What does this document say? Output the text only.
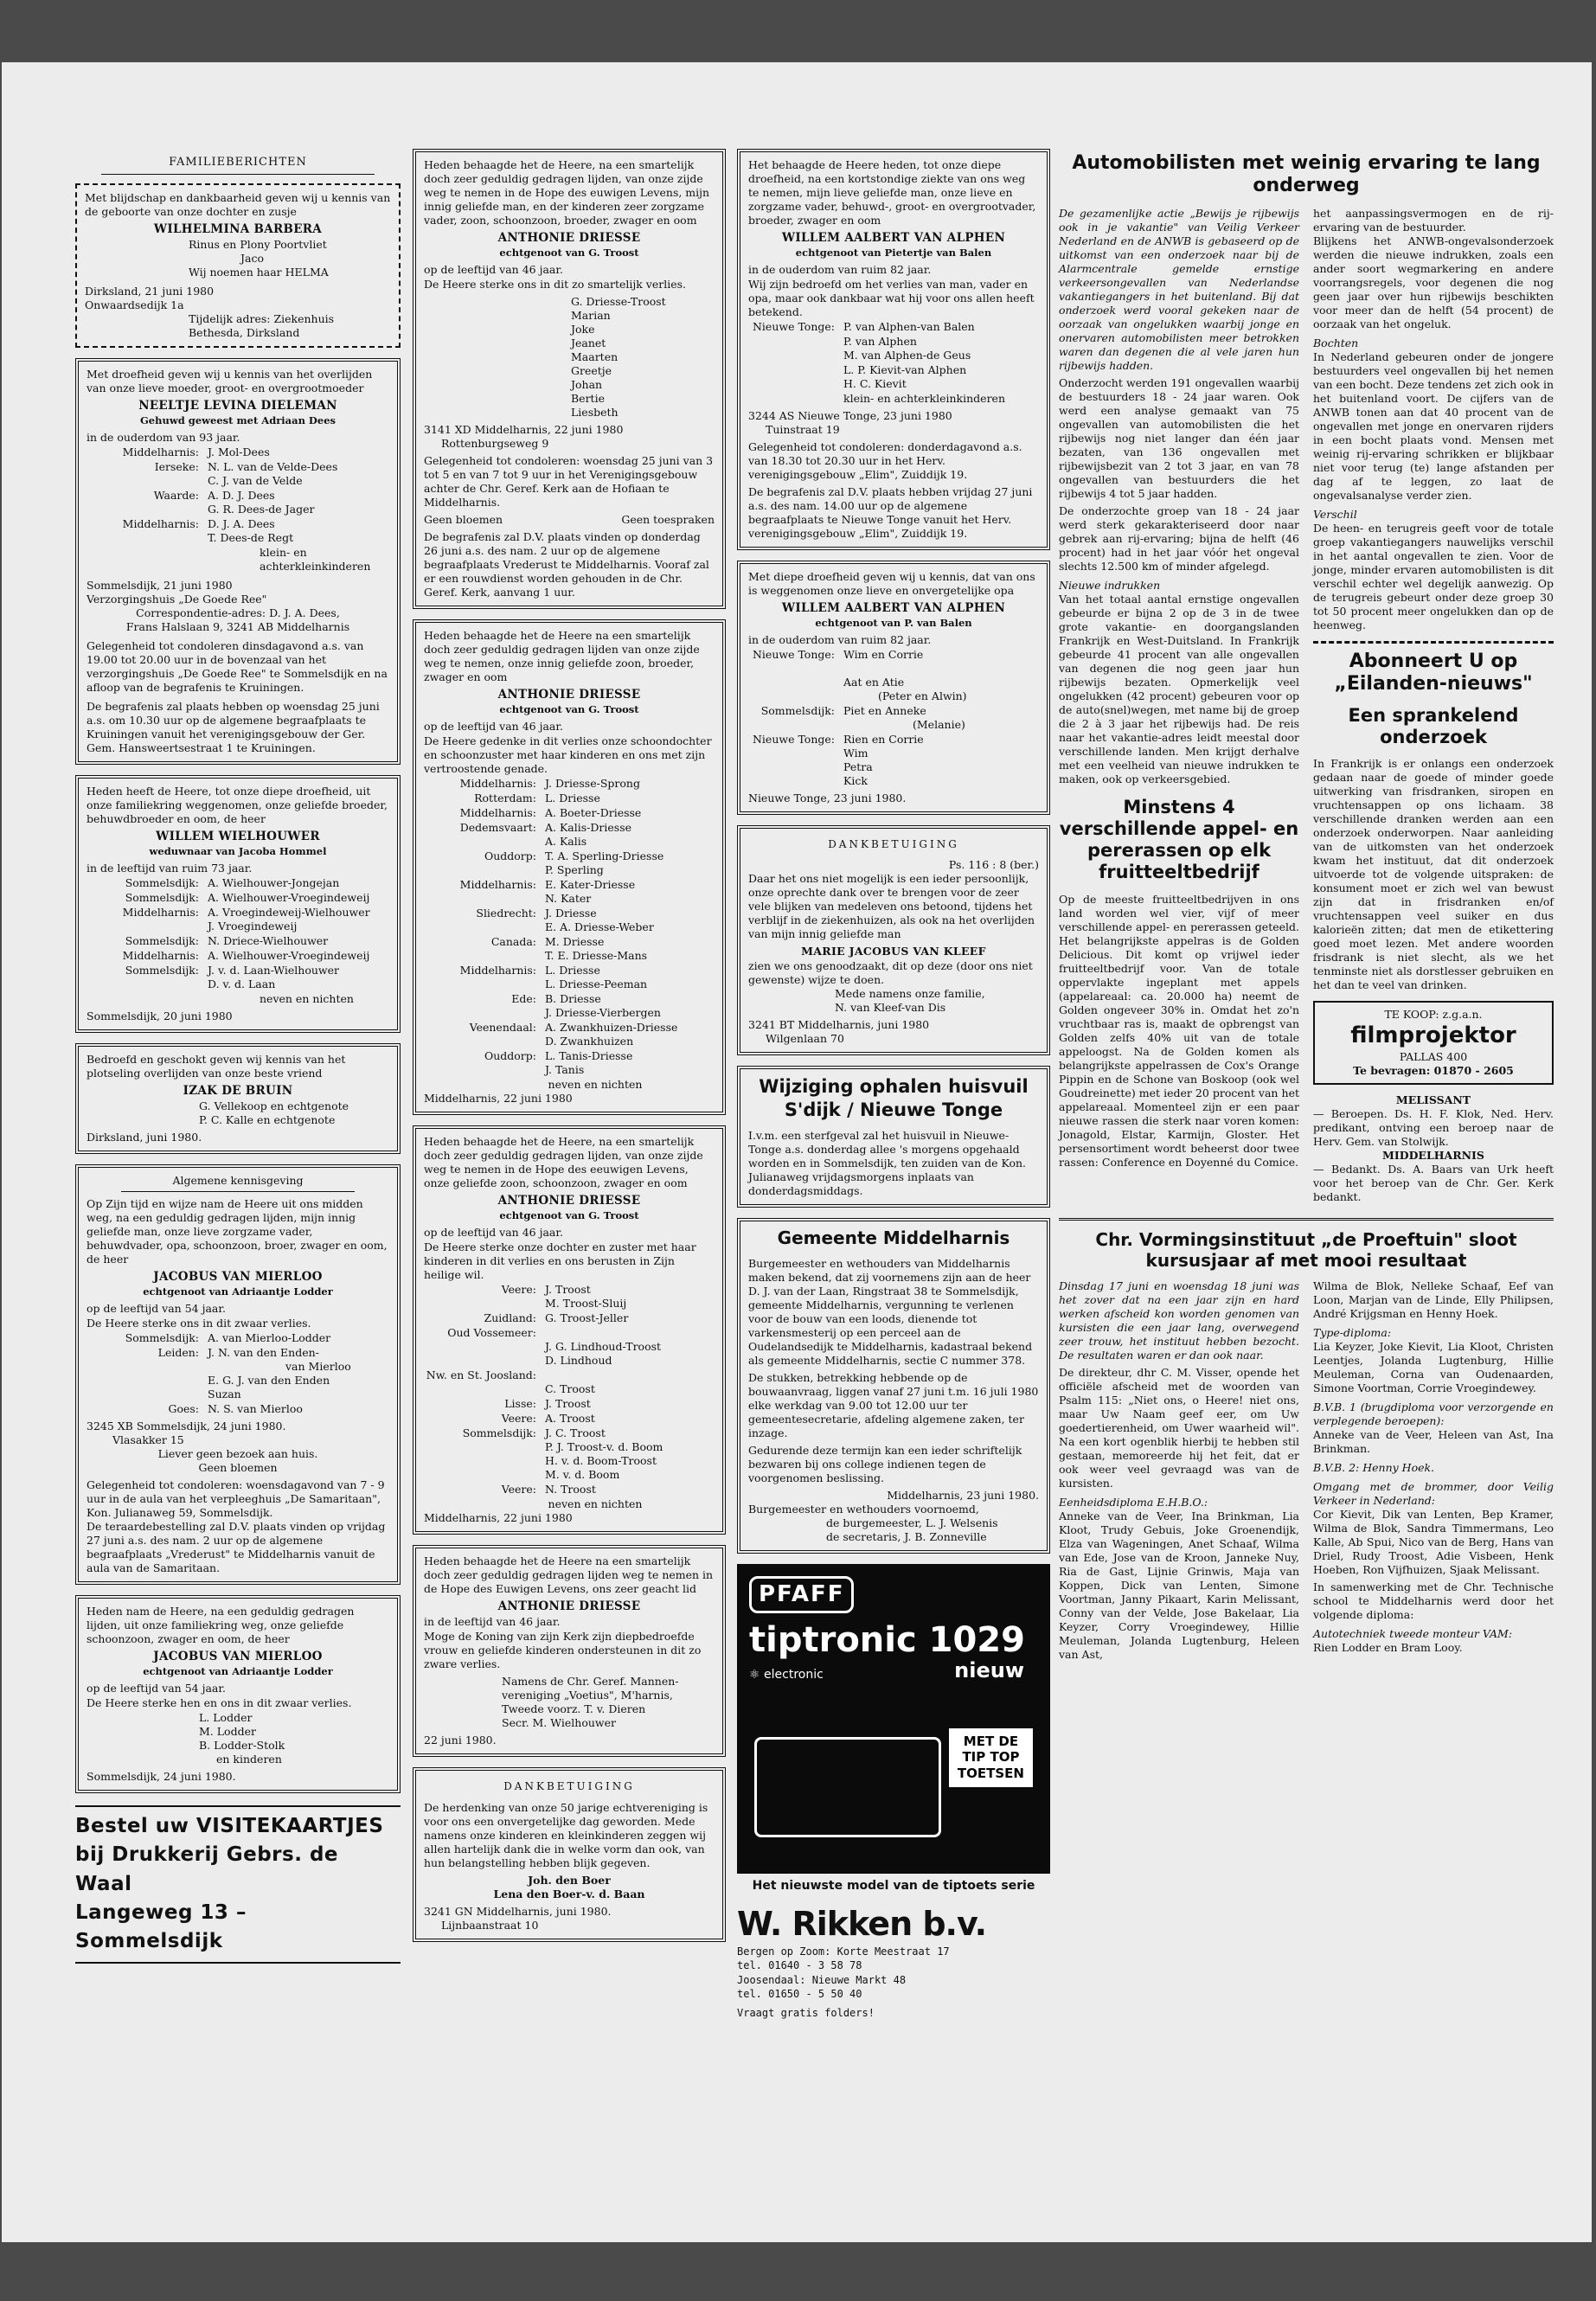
FAMILIEBERICHTEN
Met blijdschap en dankbaarheid geven wij u kennis van de geboorte van onze dochter en zusje
WILHELMINA BARBERA
Rinus en Plony Poortvliet
Jaco
Wij noemen haar HELMA
Dirksland, 21 juni 1980
Onwaardsedijk 1a
Tijdelijk adres: Ziekenhuis
Bethesda, Dirksland
Met droefheid geven wij u kennis van het overlijden van onze lieve moeder, groot- en overgrootmoeder
NEELTJE LEVINA DIELEMAN
Gehuwd geweest met Adriaan Dees
in de ouderdom van 93 jaar.
Middelharnis: J. Mol-Dees
Ierseke: N. L. van de Velde-Dees
C. J. van de Velde
Waarde: A. D. J. Dees
G. R. Dees-de Jager
Middelharnis: D. J. A. Dees
T. Dees-de Regt
klein- en achterkleinkinderen
Sommelsdijk, 21 juni 1980
Verzorgingshuis „De Goede Ree"
Correspondentie-adres: D. J. A. Dees,
Frans Halslaan 9, 3241 AB Middelharnis
Gelegenheid tot condoleren dinsdagavond a.s. van 19.00 tot 20.00 uur in de bovenzaal van het verzorgingshuis „De Goede Ree" te Sommelsdijk en na afloop van de begrafenis te Kruiningen.
De begrafenis zal plaats hebben op woensdag 25 juni a.s. om 10.30 uur op de algemene begraafplaats te Kruiningen vanuit het verenigingsgebouw der Ger. Gem. Hansweertsestraat 1 te Kruiningen.
Heden heeft de Heere, tot onze diepe droefheid, uit onze familiekring weggenomen, onze geliefde broeder, behuwdbroeder en oom, de heer
WILLEM WIELHOUWER
weduwnaar van Jacoba Hommel
in de leeftijd van ruim 73 jaar.
Sommelsdijk: A. Wielhouwer-Jongejan
Sommelsdijk: A. Wielhouwer-Vroegindeweij
Middelharnis: A. Vroegindeweij-Wielhouwer
J. Vroegindeweij
Sommelsdijk: N. Driece-Wielhouwer
Middelharnis: A. Wielhouwer-Vroegindeweij
Sommelsdijk: J. v. d. Laan-Wielhouwer
D. v. d. Laan
neven en nichten
Sommelsdijk, 20 juni 1980
Bedroefd en geschokt geven wij kennis van het plotseling overlijden van onze beste vriend
IZAK DE BRUIN
G. Vellekoop en echtgenote
P. C. Kalle en echtgenote
Dirksland, juni 1980.
Algemene kennisgeving
Op Zijn tijd en wijze nam de Heere uit ons midden weg, na een geduldig gedragen lijden, mijn innig geliefde man, onze lieve zorgzame vader, behuwdvader, opa, schoonzoon, broer, zwager en oom, de heer
JACOBUS VAN MIERLOO
echtgenoot van Adriaantje Lodder
op de leeftijd van 54 jaar.
De Heere sterke ons in dit zwaar verlies.
Sommelsdijk: A. van Mierloo-Lodder
Leiden: J. N. van den Enden-
van Mierloo
E. G. J. van den Enden
Suzan
Goes: N. S. van Mierloo
3245 XB Sommelsdijk, 24 juni 1980.
Vlasakker 15
Liever geen bezoek aan huis.
Geen bloemen
Gelegenheid tot condoleren: woensdagavond van 7 - 9 uur in de aula van het verpleeghuis „De Samaritaan", Kon. Julianaweg 59, Sommelsdijk.
De teraardebestelling zal D.V. plaats vinden op vrijdag 27 juni a.s. des nam. 2 uur op de algemene begraafplaats „Vrederust" te Middelharnis vanuit de aula van de Samaritaan.
Heden nam de Heere, na een geduldig gedragen lijden, uit onze familiekring weg, onze geliefde schoonzoon, zwager en oom, de heer
JACOBUS VAN MIERLOO
echtgenoot van Adriaantje Lodder
op de leeftijd van 54 jaar.
De Heere sterke hen en ons in dit zwaar verlies.
L. Lodder
M. Lodder
B. Lodder-Stolk
en kinderen
Sommelsdijk, 24 juni 1980.
Bestel uw VISITEKAARTJES
bij Drukkerij Gebrs. de Waal
Langeweg 13 – Sommelsdijk
Heden behaagde het de Heere, na een smartelijk doch zeer geduldig gedragen lijden, van onze zijde weg te nemen in de Hope des euwigen Levens, mijn innig geliefde man, en der kinderen zeer zorgzame vader, zoon, schoonzoon, broeder, zwager en oom
ANTHONIE DRIESSE
echtgenoot van G. Troost
op de leeftijd van 46 jaar.
De Heere sterke ons in dit zo smartelijk verlies.
G. Driesse-Troost
Marian
Joke
Jeanet
Maarten
Greetje
Johan
Bertie
Liesbeth
3141 XD Middelharnis, 22 juni 1980
Rottenburgseweg 9
Gelegenheid tot condoleren: woensdag 25 juni van 3 tot 5 en van 7 tot 9 uur in het Verenigingsgebouw achter de Chr. Geref. Kerk aan de Hofiaan te Middelharnis.
Geen bloemen	Geen toespraken
De begrafenis zal D.V. plaats vinden op donderdag 26 juni a.s. des nam. 2 uur op de algemene begraafplaats Vrederust te Middelharnis. Vooraf zal er een rouwdienst worden gehouden in de Chr. Geref. Kerk, aanvang 1 uur.
Heden behaagde het de Heere na een smartelijk doch zeer geduldig gedragen lijden van onze zijde weg te nemen, onze innig geliefde zoon, broeder, zwager en oom
ANTHONIE DRIESSE
echtgenoot van G. Troost
op de leeftijd van 46 jaar.
De Heere gedenke in dit verlies onze schoondochter en schoonzuster met haar kinderen en ons met zijn vertroostende genade.
Middelharnis: J. Driesse-Sprong
Rotterdam: L. Driesse
Middelharnis: A. Boeter-Driesse
Dedemsvaart: A. Kalis-Driesse
A. Kalis
Ouddorp: T. A. Sperling-Driesse
P. Sperling
Middelharnis: E. Kater-Driesse
N. Kater
Sliedrecht: J. Driesse
E. A. Driesse-Weber
Canada: M. Driesse
T. E. Driesse-Mans
Middelharnis: L. Driesse
L. Driesse-Peeman
Ede: B. Driesse
J. Driesse-Vierbergen
Veenendaal: A. Zwankhuizen-Driesse
D. Zwankhuizen
Ouddorp: L. Tanis-Driesse
J. Tanis
neven en nichten
Middelharnis, 22 juni 1980
Heden behaagde het de Heere, na een smartelijk doch zeer geduldig gedragen lijden, van onze zijde weg te nemen in de Hope des eeuwigen Levens, onze geliefde zoon, schoonzoon, zwager en oom
ANTHONIE DRIESSE
echtgenoot van G. Troost
op de leeftijd van 46 jaar.
De Heere sterke onze dochter en zuster met haar kinderen in dit verlies en ons berusten in Zijn heilige wil.
Veere: J. Troost
M. Troost-Sluij
Zuidland: G. Troost-Jeller
Oud Vossemeer:

J. G. Lindhoud-Troost
D. Lindhoud
Nw. en St. Joosland:

C. Troost
Lisse: J. Troost
Veere: A. Troost
Sommelsdijk: J. C. Troost
P. J. Troost-v. d. Boom
H. v. d. Boom-Troost
M. v. d. Boom
Veere: N. Troost
neven en nichten
Middelharnis, 22 juni 1980
Heden behaagde het de Heere na een smartelijk doch zeer geduldig gedragen lijden weg te nemen in de Hope des Euwigen Levens, ons zeer geacht lid
ANTHONIE DRIESSE
in de leeftijd van 46 jaar.
Moge de Koning van zijn Kerk zijn diepbedroefde vrouw en geliefde kinderen ondersteunen in dit zo zware verlies.
Namens de Chr. Geref. Mannen-
vereniging „Voetius", M'harnis,
Tweede voorz. T. v. Dieren
Secr. M. Wielhouwer
22 juni 1980.
DANKBETUIGING
De herdenking van onze 50 jarige echtvereniging is voor ons een onvergetelijke dag geworden. Mede namens onze kinderen en kleinkinderen zeggen wij allen hartelijk dank die in welke vorm dan ook, van hun belangstelling hebben blijk gegeven.
Joh. den Boer
Lena den Boer-v. d. Baan
3241 GN Middelharnis, juni 1980.
Lijnbaanstraat 10
Het behaagde de Heere heden, tot onze diepe droefheid, na een kortstondige ziekte van ons weg te nemen, mijn lieve geliefde man, onze lieve en zorgzame vader, behuwd-, groot- en overgrootvader, broeder, zwager en oom
WILLEM AALBERT VAN ALPHEN
echtgenoot van Pietertje van Balen
in de ouderdom van ruim 82 jaar.
Wij zijn bedroefd om het verlies van man, vader en opa, maar ook dankbaar wat hij voor ons allen heeft betekend.
Nieuwe Tonge: P. van Alphen-van Balen
P. van Alphen
M. van Alphen-de Geus
L. P. Kievit-van Alphen
H. C. Kievit
klein- en achterkleinkinderen
3244 AS Nieuwe Tonge, 23 juni 1980
Tuinstraat 19
Gelegenheid tot condoleren: donderdagavond a.s. van 18.30 tot 20.30 uur in het Herv. verenigingsgebouw „Elim", Zuiddijk 19.
De begrafenis zal D.V. plaats hebben vrijdag 27 juni a.s. des nam. 14.00 uur op de algemene begraafplaats te Nieuwe Tonge vanuit het Herv. verenigingsgebouw „Elim", Zuiddijk 19.
Met diepe droefheid geven wij u kennis, dat van ons is weggenomen onze lieve en onvergetelijke opa
WILLEM AALBERT VAN ALPHEN
echtgenoot van P. van Balen
in de ouderdom van ruim 82 jaar.
Nieuwe Tonge: Wim en Corrie

Aat en Atie
(Peter en Alwin)
Sommelsdijk: Piet en Anneke
(Melanie)
Nieuwe Tonge: Rien en Corrie
Wim
Petra
Kick
Nieuwe Tonge, 23 juni 1980.
DANKBETUIGING
Ps. 116 : 8 (ber.)
Daar het ons niet mogelijk is een ieder persoonlijk, onze oprechte dank over te brengen voor de zeer vele blijken van medeleven ons betoond, tijdens het verblijf in de ziekenhuizen, als ook na het overlijden van mijn innig geliefde man
MARIE JACOBUS VAN KLEEF
zien we ons genoodzaakt, dit op deze (door ons niet gewenste) wijze te doen.
Mede namens onze familie,
N. van Kleef-van Dis
3241 BT Middelharnis, juni 1980
Wilgenlaan 70
Wijziging ophalen huisvuil
S'dijk / Nieuwe Tonge
I.v.m. een sterfgeval zal het huisvuil in Nieuwe-Tonge a.s. donderdag allee 's morgens opgehaald worden en in Sommelsdijk, ten zuiden van de Kon. Julianaweg vrijdagsmorgens inplaats van donderdagsmiddags.
Gemeente Middelharnis
Burgemeester en wethouders van Middelharnis maken bekend, dat zij voornemens zijn aan de heer D. J. van der Laan, Ringstraat 38 te Sommelsdijk, gemeente Middelharnis, vergunning te verlenen voor de bouw van een loods, dienende tot varkensmesterij op een perceel aan de Oudelandsedijk te Middelharnis, kadastraal bekend als gemeente Middelharnis, sectie C nummer 378.
De stukken, betrekking hebbende op de bouwaanvraag, liggen vanaf 27 juni t.m. 16 juli 1980 elke werkdag van 9.00 tot 12.00 uur ter gemeentesecretarie, afdeling algemene zaken, ter inzage.
Gedurende deze termijn kan een ieder schriftelijk bezwaren bij ons college indienen tegen de voorgenomen beslissing.
Middelharnis, 23 juni 1980.
Burgemeester en wethouders voornoemd,
de burgemeester, L. J. Welsenis
de secretaris, J. B. Zonneville
PFAFF
tiptronic 1029
nieuw
⚛ electronic
MET DE
TIP TOP
TOETSEN
Het nieuwste model van de tiptoets serie
W. Rikken b.v.
Bergen op Zoom: Korte Meestraat 17
tel. 01640 - 3 58 78
Joosendaal: Nieuwe Markt 48
tel. 01650 - 5 50 40
Vraagt gratis folders!
Automobilisten met weinig ervaring te lang onderweg
De gezamenlijke actie „Bewijs je rijbewijs ook in je vakantie" van Veilig Verkeer Nederland en de ANWB is gebaseerd op de uitkomst van een onderzoek naar bij de Alarmcentrale gemelde ernstige verkeersongevallen van Nederlandse vakantiegangers in het buitenland. Bij dat onderzoek werd vooral gekeken naar de oorzaak van ongelukken waarbij jonge en onervaren automobilisten meer betrokken waren dan degenen die al vele jaren hun rijbewijs hadden.
Onderzocht werden 191 ongevallen waarbij de bestuurders 18 - 24 jaar waren. Ook werd een analyse gemaakt van 75 ongevallen van automobilisten die het rijbewijs nog niet langer dan één jaar bezaten, van 136 ongevallen met rijbewijsbezit van 2 tot 3 jaar, en van 78 ongevallen van bestuurders die het rijbewijs 4 tot 5 jaar hadden.
De onderzochte groep van 18 - 24 jaar werd sterk gekarakteriseerd door naar gebrek aan rij-ervaring; bijna de helft (46 procent) had in het jaar vóór het ongeval slechts 12.500 km of minder afgelegd.
Nieuwe indrukken
Van het totaal aantal ernstige ongevallen gebeurde er bijna 2 op de 3 in de twee grote vakantie- en doorgangslanden Frankrijk en West-Duitsland. In Frankrijk gebeurde 41 procent van alle ongevallen van degenen die nog geen jaar hun rijbewijs bezaten. Opmerkelijk veel ongelukken (42 procent) gebeuren voor op de auto(snel)wegen, met name bij de groep die 2 à 3 jaar het rijbewijs had. De reis naar het vakantie-adres leidt meestal door verschillende landen. Men krijgt derhalve met een veelheid van nieuwe indrukken te maken, ook op verkeersgebied.
Minstens 4 verschillende appel- en pererassen op elk fruitteeltbedrijf
Op de meeste fruitteeltbedrijven in ons land worden wel vier, vijf of meer verschillende appel- en pererassen geteeld. Het belangrijkste appelras is de Golden Delicious. Dit komt op vrijwel ieder fruitteeltbedrijf voor. Van de totale oppervlakte ingeplant met appels (appelareaal: ca. 20.000 ha) neemt de Golden ongeveer 30% in. Omdat het zo'n vruchtbaar ras is, maakt de opbrengst van Golden zelfs 40% uit van de totale appeloogst. Na de Golden komen als belangrijkste appelrassen de Cox's Orange Pippin en de Schone van Boskoop (ook wel Goudreinette) met ieder 20 procent van het appelareaal. Momenteel zijn er een paar nieuwe rassen die sterk naar voren komen: Jonagold, Elstar, Karmijn, Gloster. Het persensortiment wordt beheerst door twee rassen: Conference en Doyenné du Comice.
het aanpassingsvermogen en de rij-ervaring van de bestuurder.
Blijkens het ANWB-ongevalsonderzoek werden die nieuwe indrukken, zoals een ander soort wegmarkering en andere voorrangsregels, voor degenen die nog geen jaar over hun rijbewijs beschikten voor meer dan de helft (54 procent) de oorzaak van het ongeluk.
Bochten
In Nederland gebeuren onder de jongere bestuurders veel ongevallen bij het nemen van een bocht. Deze tendens zet zich ook in het buitenland voort. De cijfers van de ANWB tonen aan dat 40 procent van de ongevallen met jonge en onervaren rijders in een bocht plaats vond. Mensen met weinig rij-ervaring schrikken er blijkbaar niet voor terug (te) lange afstanden per dag af te leggen, zo laat de ongevalsanalyse verder zien.
Verschil
De heen- en terugreis geeft voor de totale groep vakantiegangers nauwelijks verschil in het aantal ongevallen te zien. Voor de jonge, minder ervaren automobilisten is dit verschil echter wel degelijk aanwezig. Op de terugreis gebeurt onder deze groep 30 tot 50 procent meer ongelukken dan op de heenweg.
Abonneert U op „Eilanden-nieuws"
Een sprankelend onderzoek
In Frankrijk is er onlangs een onderzoek gedaan naar de goede of minder goede uitwerking van frisdranken, siropen en vruchtensappen op ons lichaam. 38 verschillende dranken werden aan een onderzoek onderworpen. Naar aanleiding van de uitkomsten van het onderzoek kwam het instituut, dat dit onderzoek uitvoerde tot de volgende uitspraken: de konsument moet er zich wel van bewust zijn dat in frisdranken en/of vruchtensappen veel suiker en dus kalorieën zitten; dat men de etikettering goed moet lezen. Met andere woorden frisdrank is niet slecht, als we het tenminste niet als dorstlesser gebruiken en het dan te veel van drinken.
TE KOOP: z.g.a.n.
filmprojektor
PALLAS 400
Te bevragen: 01870 - 2605
MELISSANT
— Beroepen. Ds. H. F. Klok, Ned. Herv. predikant, ontving een beroep naar de Herv. Gem. van Stolwijk.
MIDDELHARNIS
— Bedankt. Ds. A. Baars van Urk heeft voor het beroep van de Chr. Ger. Kerk bedankt.
Chr. Vormingsinstituut „de Proeftuin" sloot kursusjaar af met mooi resultaat
Dinsdag 17 juni en woensdag 18 juni was het zover dat na een jaar zijn en hard werken afscheid kon worden genomen van kursisten die een jaar lang, overwegend zeer trouw, het instituut hebben bezocht. De resultaten waren er dan ook naar.
De direkteur, dhr C. M. Visser, opende het officiële afscheid met de woorden van Psalm 115: „Niet ons, o Heere! niet ons, maar Uw Naam geef eer, om Uw goedertierenheid, om Uwer waarheid wil". Na een kort ogenblik hierbij te hebben stil gestaan, memoreerde hij het feit, dat er ook weer veel gevraagd was van de kursisten.
Eenheidsdiploma E.H.B.O.:
Anneke van de Veer, Ina Brinkman, Lia Kloot, Trudy Gebuis, Joke Groenendijk, Elza van Wageningen, Anet Schaaf, Wilma van Ede, Jose van de Kroon, Janneke Nuy, Ria de Gast, Lijnie Grinwis, Maja van Koppen, Dick van Lenten, Simone Voortman, Janny Pikaart, Karin Melissant, Conny van der Velde, Jose Bakelaar, Lia Keyzer, Corry Vroegindewey, Hillie Meuleman, Jolanda Lugtenburg, Heleen van Ast,
Wilma de Blok, Nelleke Schaaf, Eef van Loon, Marjan van de Linde, Elly Philipsen, André Krijgsman en Henny Hoek.
Type-diploma:
Lia Keyzer, Joke Kievit, Lia Kloot, Christen Leentjes, Jolanda Lugtenburg, Hillie Meuleman, Corna van Oudenaarden, Simone Voortman, Corrie Vroegindewey.
B.V.B. 1 (brugdiploma voor verzorgende en verplegende beroepen):
Anneke van de Veer, Heleen van Ast, Ina Brinkman.
B.V.B. 2: Henny Hoek.
Omgang met de brommer, door Veilig Verkeer in Nederland:
Cor Kievit, Dik van Lenten, Bep Kramer, Wilma de Blok, Sandra Timmermans, Leo Kalle, Ab Spui, Nico van de Berg, Hans van Driel, Rudy Troost, Adie Visbeen, Henk Hoeben, Ron Vijfhuizen, Sjaak Melissant.
In samenwerking met de Chr. Technische school te Middelharnis werd door het volgende diploma:
Autotechniek tweede monteur VAM:
Rien Lodder en Bram Looy.
